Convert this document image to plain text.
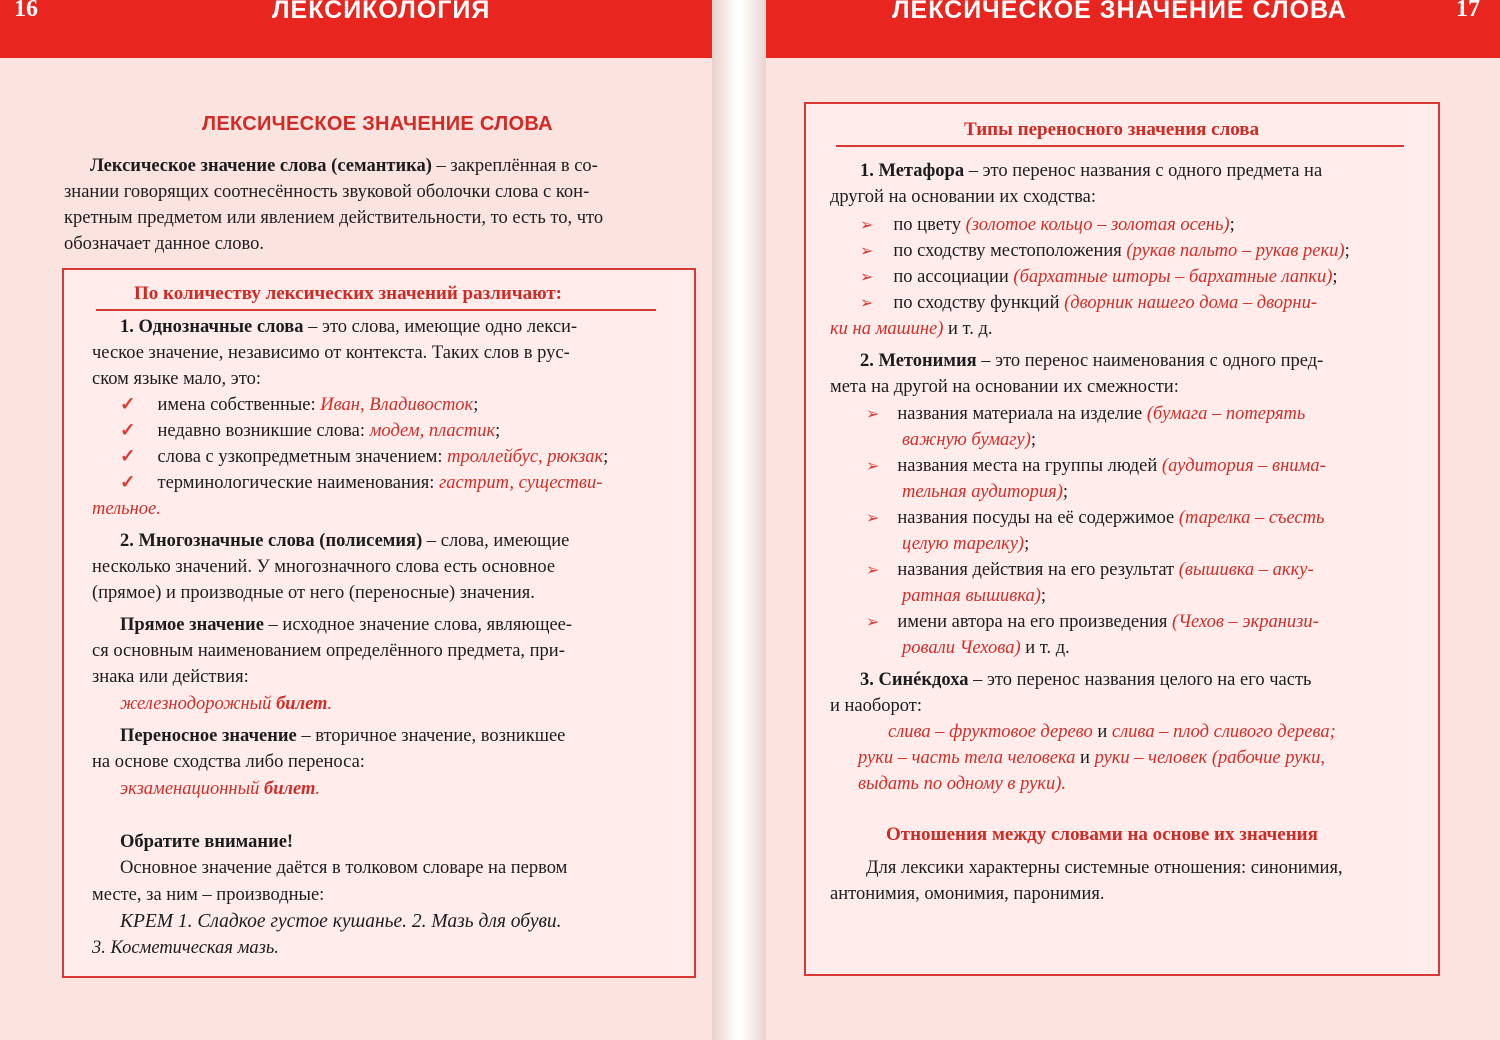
16	ЛЕКСИКОЛОГИЯ
ЛЕКСИЧЕСКОЕ ЗНАЧЕНИЕ СЛОВА
Лексическое значение слова (семантика) – закреплённая в со-
знании говорящих соотнесённость звуковой оболочки слова с кон-
кретным предметом или явлением действительности, то есть то, что
обозначает данное слово.
По количеству лексических значений различают:
1. Однозначные слова – это слова, имеющие одно лекси-
ческое значение, независимо от контекста. Таких слов в рус-
ском языке мало, это:
✓ имена собственные: Иван, Владивосток;
✓ недавно возникшие слова: модем, пластик;
✓ слова с узкопредметным значением: троллейбус, рюкзак;
✓ терминологические наименования: гастрит, существи-
тельное.
2. Многозначные слова (полисемия) – слова, имеющие
несколько значений. У многозначного слова есть основное
(прямое) и производные от него (переносные) значения.
Прямое значение – исходное значение слова, являющее-
ся основным наименованием определённого предмета, при-
знака или действия:
железнодорожный билет.
Переносное значение – вторичное значение, возникшее
на основе сходства либо переноса:
экзаменационный билет.
Обратите внимание!
Основное значение даётся в толковом словаре на первом
месте, за ним – производные:
КРЕМ 1. Сладкое густое кушанье. 2. Мазь для обуви.
3. Косметическая мазь.
ЛЕКСИЧЕСКОЕ ЗНАЧЕНИЕ СЛОВА	17
Типы переносного значения слова
1. Метафора – это перенос названия с одного предмета на
другой на основании их сходства:
➢ по цвету (золотое кольцо – золотая осень);
➢ по сходству местоположения (рукав пальто – рукав реки);
➢ по ассоциации (бархатные шторы – бархатные лапки);
➢ по сходству функций (дворник нашего дома – дворни-
ки на машине) и т. д.
2. Метонимия – это перенос наименования с одного пред-
мета на другой на основании их смежности:
➢ названия материала на изделие (бумага – потерять
важную бумагу);
➢ названия места на группы людей (аудитория – внима-
тельная аудитория);
➢ названия посуды на её содержимое (тарелка – съесть
целую тарелку);
➢ названия действия на его результат (вышивка – акку-
ратная вышивка);
➢ имени автора на его произведения (Чехов – экранизи-
ровали Чехова) и т. д.
3. Синéкдоха – это перенос названия целого на его часть
и наоборот:
слива – фруктовое дерево и слива – плод сливого дерева;
руки – часть тела человека и руки – человек (рабочие руки,
выдать по одному в руки).
Отношения между словами на основе их значения
Для лексики характерны системные отношения: синонимия,
антонимия, омонимия, паронимия.
